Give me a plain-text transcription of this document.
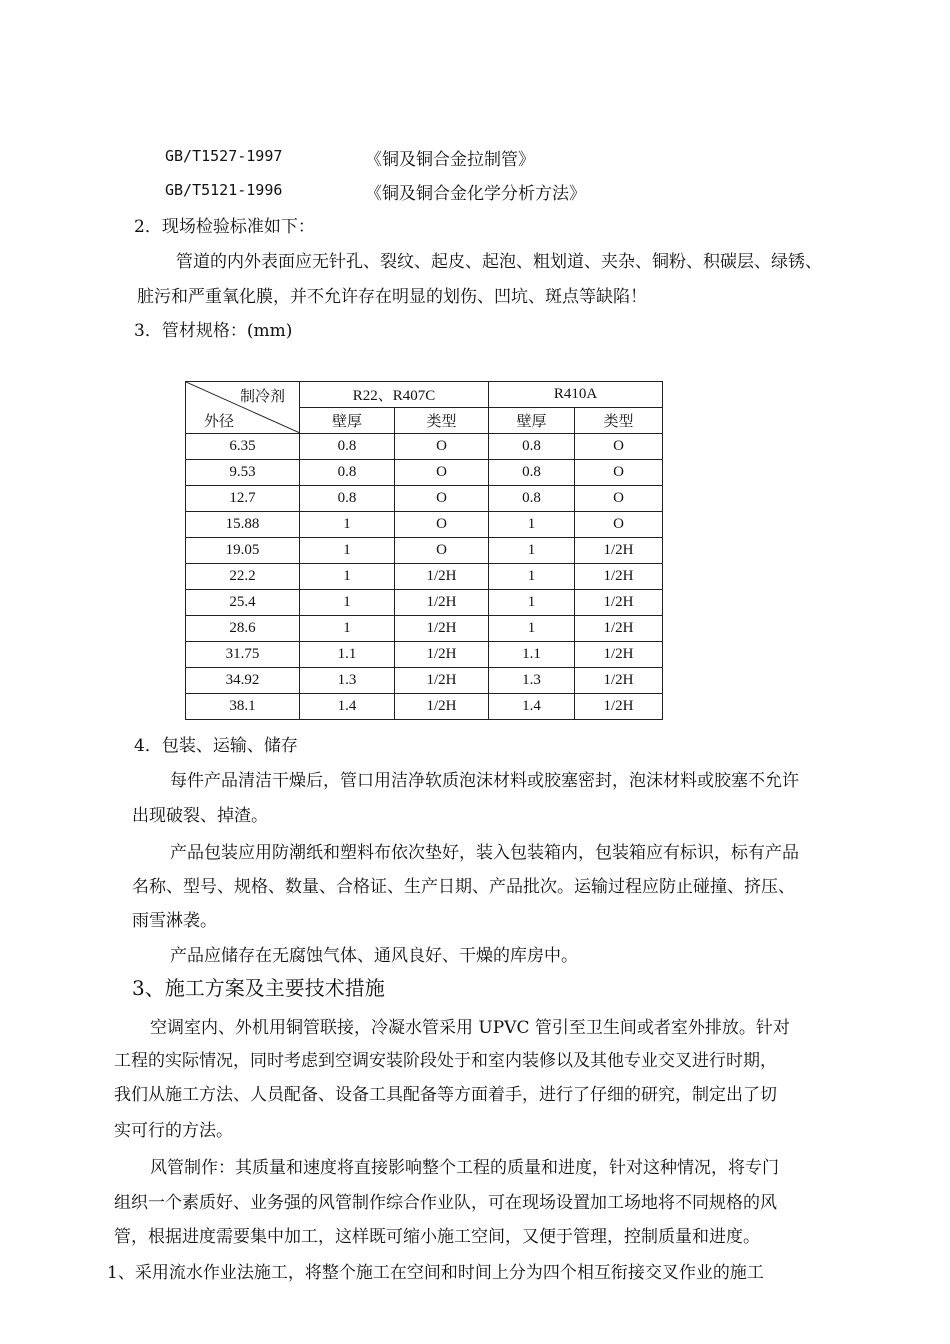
GB/T1527-1997	《铜及铜合金拉制管》
GB/T5121-1996	《铜及铜合金化学分析方法》
2．现场检验标准如下：
管道的内外表面应无针孔、裂纹、起皮、起泡、粗划道、夹杂、铜粉、积碳层、绿锈、
脏污和严重氧化膜，并不允许存在明显的划伤、凹坑、斑点等缺陷！
3．管材规格：(mm)
制冷剂
外径	R22、R407C		R410A	
	壁厚	类型	壁厚	类型
6.35	0.8	O	0.8	O
9.53	0.8	O	0.8	O
12.7	0.8	O	0.8	O
15.88	1	O	1	O
19.05	1	O	1	1/2H
22.2	1	1/2H	1	1/2H
25.4	1	1/2H	1	1/2H
28.6	1	1/2H	1	1/2H
31.75	1.1	1/2H	1.1	1/2H
34.92	1.3	1/2H	1.3	1/2H
38.1	1.4	1/2H	1.4	1/2H
4．包装、运输、储存
每件产品清洁干燥后，管口用洁净软质泡沫材料或胶塞密封，泡沫材料或胶塞不允许
出现破裂、掉渣。
产品包装应用防潮纸和塑料布依次垫好，装入包装箱内，包装箱应有标识，标有产品
名称、型号、规格、数量、合格证、生产日期、产品批次。运输过程应防止碰撞、挤压、
雨雪淋袭。
产品应储存在无腐蚀气体、通风良好、干燥的库房中。
3、施工方案及主要技术措施
空调室内、外机用铜管联接，冷凝水管采用 UPVC 管引至卫生间或者室外排放。针对
工程的实际情况，同时考虑到空调安装阶段处于和室内装修以及其他专业交叉进行时期，
我们从施工方法、人员配备、设备工具配备等方面着手，进行了仔细的研究，制定出了切
实可行的方法。
风管制作：其质量和速度将直接影响整个工程的质量和进度，针对这种情况，将专门
组织一个素质好、业务强的风管制作综合作业队，可在现场设置加工场地将不同规格的风
管，根据进度需要集中加工，这样既可缩小施工空间，又便于管理，控制质量和进度。
1、采用流水作业法施工，将整个施工在空间和时间上分为四个相互衔接交叉作业的施工
